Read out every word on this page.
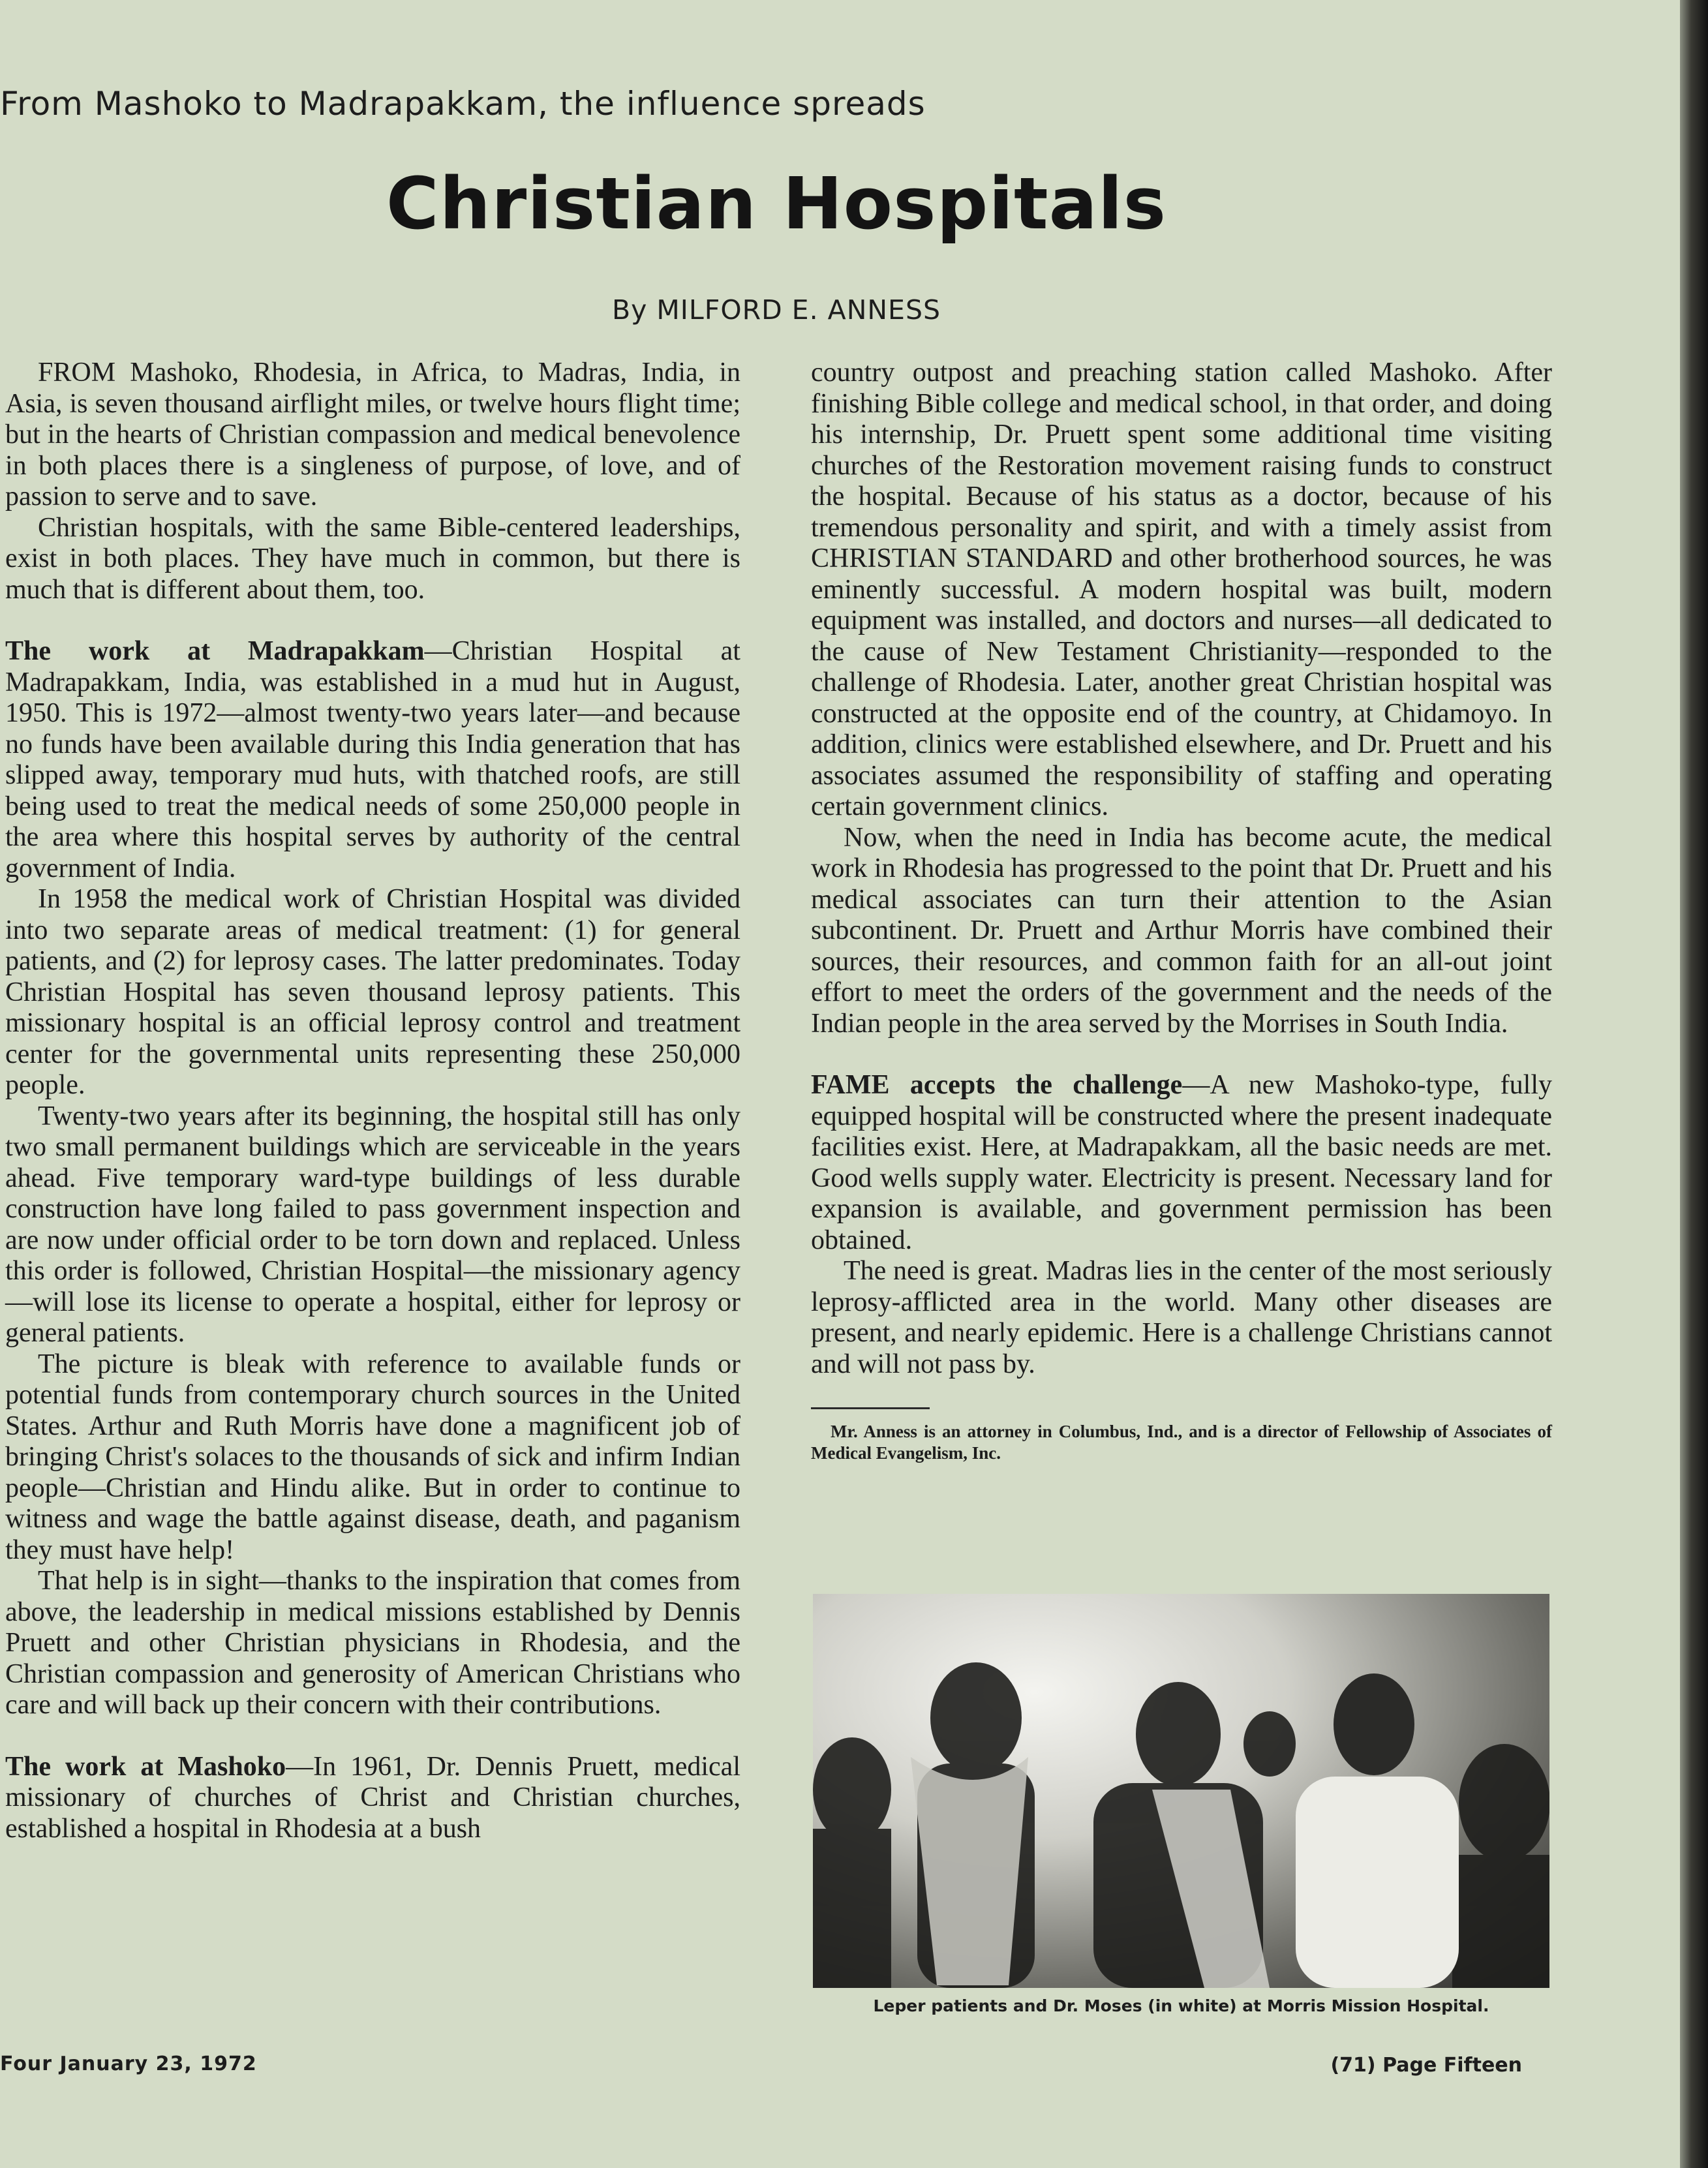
From Mashoko to Madrapakkam, the influence spreads
Christian Hospitals
By MILFORD E. ANNESS

FROM Mashoko, Rhodesia, in Africa, to Madras, India, in Asia, is seven thousand airflight miles, or twelve hours flight time; but in the hearts of Christian compassion and medical benevolence in both places there is a singleness of purpose, of love, and of passion to serve and to save.

Christian hospitals, with the same Bible-centered leaderships, exist in both places. They have much in common, but there is much that is different about them, too.

The work at Madrapakkam—Christian Hospital at Madrapakkam, India, was established in a mud hut in August, 1950. This is 1972—almost twenty-two years later—and because no funds have been available during this India generation that has slipped away, temporary mud huts, with thatched roofs, are still being used to treat the medical needs of some 250,000 people in the area where this hospital serves by authority of the central government of India.

In 1958 the medical work of Christian Hospital was divided into two separate areas of medical treatment: (1) for general patients, and (2) for leprosy cases. The latter predominates. Today Christian Hospital has seven thousand leprosy patients. This missionary hospital is an official leprosy control and treatment center for the governmental units representing these 250,000 people.

Twenty-two years after its beginning, the hospital still has only two small permanent buildings which are serviceable in the years ahead. Five temporary ward-type buildings of less durable construction have long failed to pass government inspection and are now under official order to be torn down and replaced. Unless this order is followed, Christian Hospital—the missionary agency—will lose its license to operate a hospital, either for leprosy or general patients.

The picture is bleak with reference to available funds or potential funds from contemporary church sources in the United States. Arthur and Ruth Morris have done a magnificent job of bringing Christ's solaces to the thousands of sick and infirm Indian people—Christian and Hindu alike. But in order to continue to witness and wage the battle against disease, death, and paganism they must have help!

That help is in sight—thanks to the inspiration that comes from above, the leadership in medical missions established by Dennis Pruett and other Christian physicians in Rhodesia, and the Christian compassion and generosity of American Christians who care and will back up their concern with their contributions.

The work at Mashoko—In 1961, Dr. Dennis Pruett, medical missionary of churches of Christ and Christian churches, established a hospital in Rhodesia at a bush

country outpost and preaching station called Mashoko. After finishing Bible college and medical school, in that order, and doing his internship, Dr. Pruett spent some additional time visiting churches of the Restoration movement raising funds to construct the hospital. Because of his status as a doctor, because of his tremendous personality and spirit, and with a timely assist from CHRISTIAN STANDARD and other brotherhood sources, he was eminently successful. A modern hospital was built, modern equipment was installed, and doctors and nurses—all dedicated to the cause of New Testament Christianity—responded to the challenge of Rhodesia. Later, another great Christian hospital was constructed at the opposite end of the country, at Chidamoyo. In addition, clinics were established elsewhere, and Dr. Pruett and his associates assumed the responsibility of staffing and operating certain government clinics.

Now, when the need in India has become acute, the medical work in Rhodesia has progressed to the point that Dr. Pruett and his medical associates can turn their attention to the Asian subcontinent. Dr. Pruett and Arthur Morris have combined their sources, their resources, and common faith for an all-out joint effort to meet the orders of the government and the needs of the Indian people in the area served by the Morrises in South India.

FAME accepts the challenge—A new Mashoko-type, fully equipped hospital will be constructed where the present inadequate facilities exist. Here, at Madrapakkam, all the basic needs are met. Good wells supply water. Electricity is present. Necessary land for expansion is available, and government permission has been obtained.

The need is great. Madras lies in the center of the most seriously leprosy-afflicted area in the world. Many other diseases are present, and nearly epidemic. Here is a challenge Christians cannot and will not pass by.

Mr. Anness is an attorney in Columbus, Ind., and is a director of Fellowship of Associates of Medical Evangelism, Inc.
Leper patients and Dr. Moses (in white) at Morris Mission Hospital.
Four January 23, 1972	(71) Page Fifteen
